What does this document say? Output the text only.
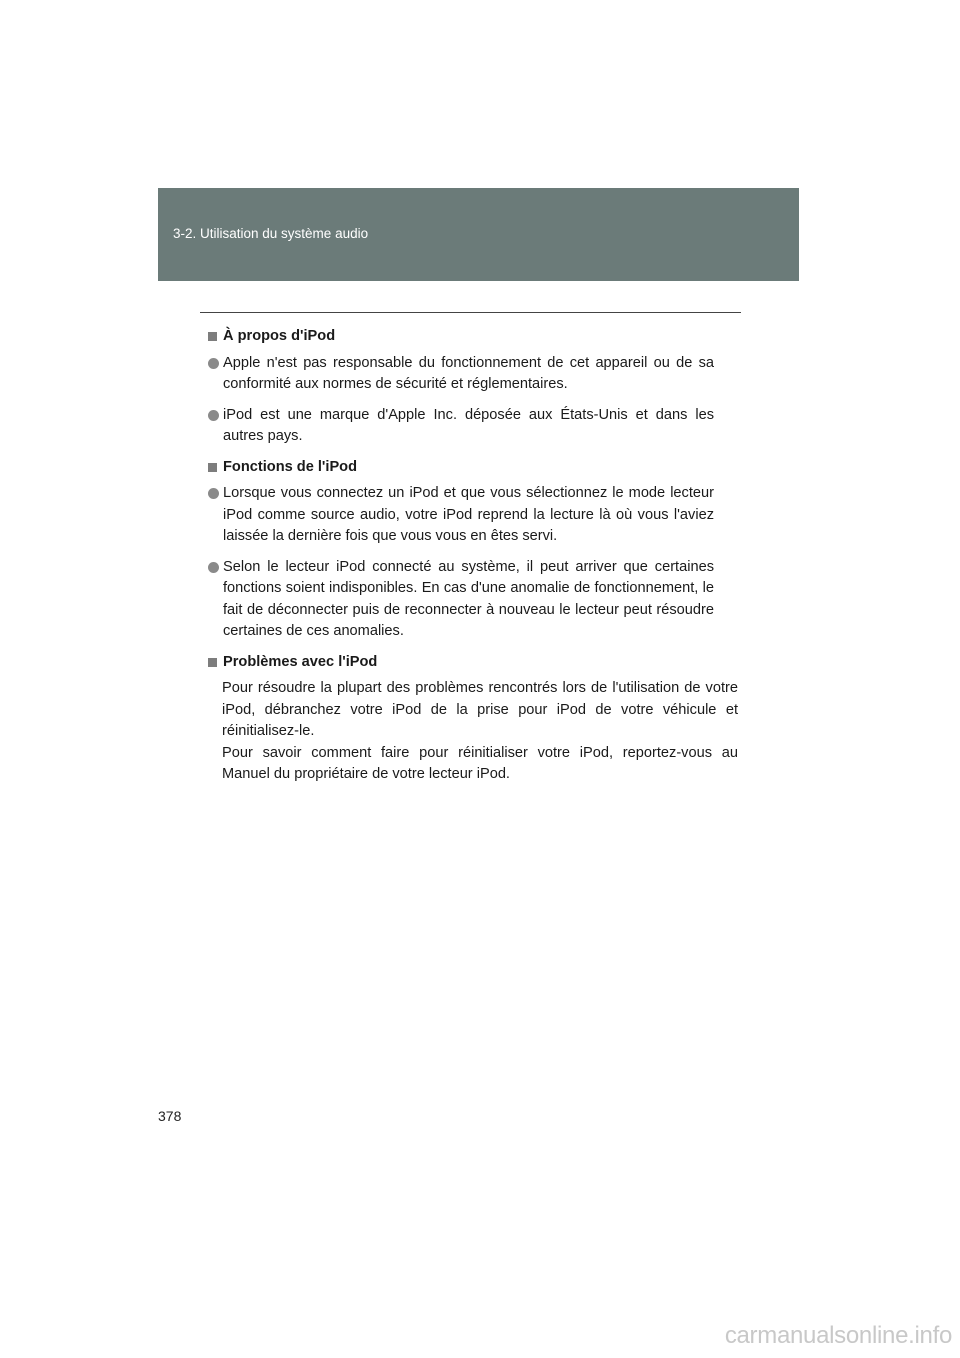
3-2. Utilisation du système audio
À propos d'iPod
Apple n'est pas responsable du fonctionnement de cet appareil ou de sa conformité aux normes de sécurité et réglementaires.
iPod est une marque d'Apple Inc. déposée aux États-Unis et dans les autres pays.
Fonctions de l'iPod
Lorsque vous connectez un iPod et que vous sélectionnez le mode lecteur iPod comme source audio, votre iPod reprend la lecture là où vous l'aviez laissée la dernière fois que vous vous en êtes servi.
Selon le lecteur iPod connecté au système, il peut arriver que certaines fonctions soient indisponibles. En cas d'une anomalie de fonctionnement, le fait de déconnecter puis de reconnecter à nouveau le lecteur peut résoudre certaines de ces anomalies.
Problèmes avec l'iPod

Pour résoudre la plupart des problèmes rencontrés lors de l'utilisation de votre iPod, débranchez votre iPod de la prise pour iPod de votre véhicule et réinitialisez-le.

Pour savoir comment faire pour réinitialiser votre iPod, reportez-vous au Manuel du propriétaire de votre lecteur iPod.

378
carmanualsonline.info
